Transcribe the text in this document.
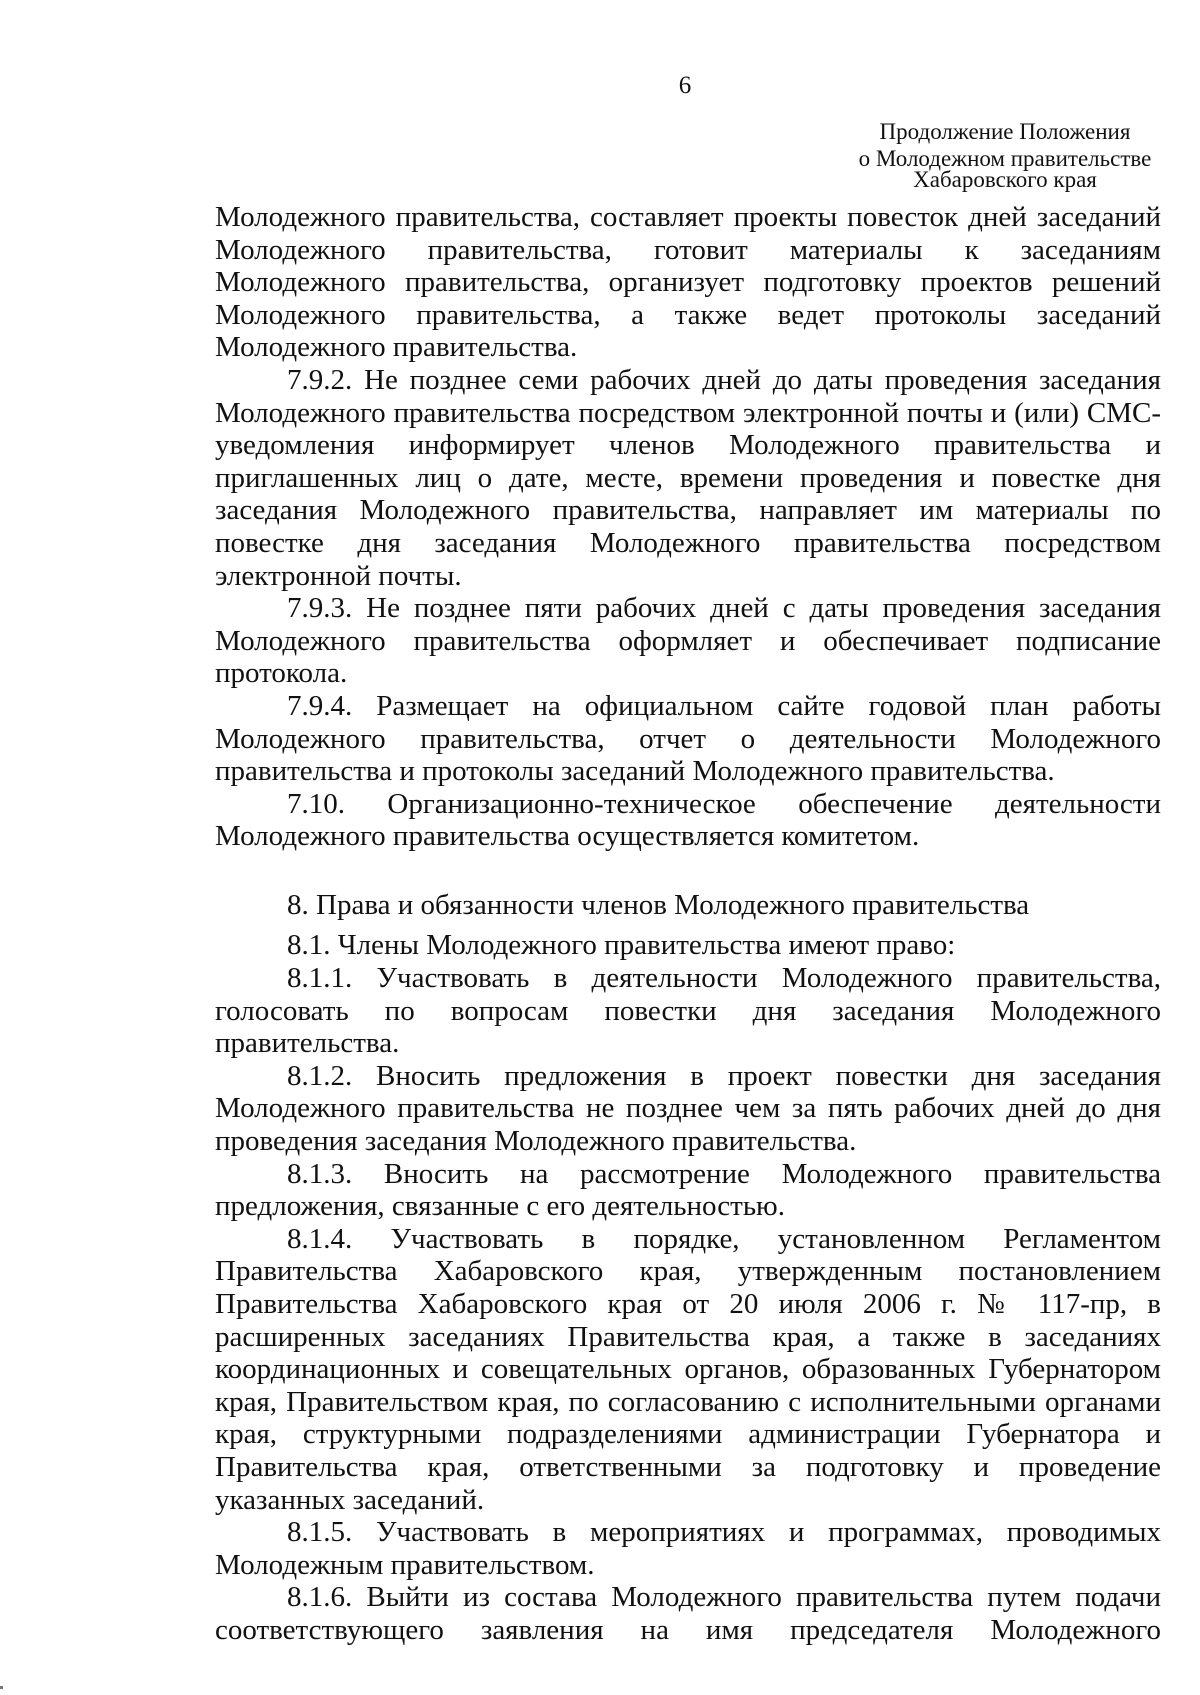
6
Продолжение Положения
о Молодежном правительстве
Хабаровского края

Молодежного правительства, составляет проекты повесток дней заседаний Молодежного правительства, готовит материалы к заседаниям Молодежного правительства, организует подготовку проектов решений Молодежного правительства, а также ведет протоколы заседаний Молодежного правительства.

7.9.2. Не позднее семи рабочих дней до даты проведения заседания Молодежного правительства посредством электронной почты и (или) СМС-уведомления информирует членов Молодежного правительства и приглашенных лиц о дате, месте, времени проведения и повестке дня заседания Молодежного правительства, направляет им материалы по повестке дня заседания Молодежного правительства посредством электронной почты.

7.9.3. Не позднее пяти рабочих дней с даты проведения заседания Молодежного правительства оформляет и обеспечивает подписание протокола.

7.9.4. Размещает на официальном сайте годовой план работы Молодежного правительства, отчет о деятельности Молодежного правительства и протоколы заседаний Молодежного правительства.

7.10. Организационно-техническое обеспечение деятельности Молодежного правительства осуществляется комитетом.

8. Права и обязанности членов Молодежного правительства

8.1. Члены Молодежного правительства имеют право:

8.1.1. Участвовать в деятельности Молодежного правительства, голосовать по вопросам повестки дня заседания Молодежного правительства.

8.1.2. Вносить предложения в проект повестки дня заседания Молодежного правительства не позднее чем за пять рабочих дней до дня проведения заседания Молодежного правительства.

8.1.3. Вносить на рассмотрение Молодежного правительства предложения, связанные с его деятельностью.

8.1.4. Участвовать в порядке, установленном Регламентом Правительства Хабаровского края, утвержденным постановлением Правительства Хабаровского края от 20 июля 2006 г. № 117-пр, в расширенных заседаниях Правительства края, а также в заседаниях координационных и совещательных органов, образованных Губернатором края, Правительством края, по согласованию с исполнительными органами края, структурными подразделениями администрации Губернатора и Правительства края, ответственными за подготовку и проведение указанных заседаний.

8.1.5. Участвовать в мероприятиях и программах, проводимых Молодежным правительством.

8.1.6. Выйти из состава Молодежного правительства путем подачи соответствующего заявления на имя председателя Молодежного
